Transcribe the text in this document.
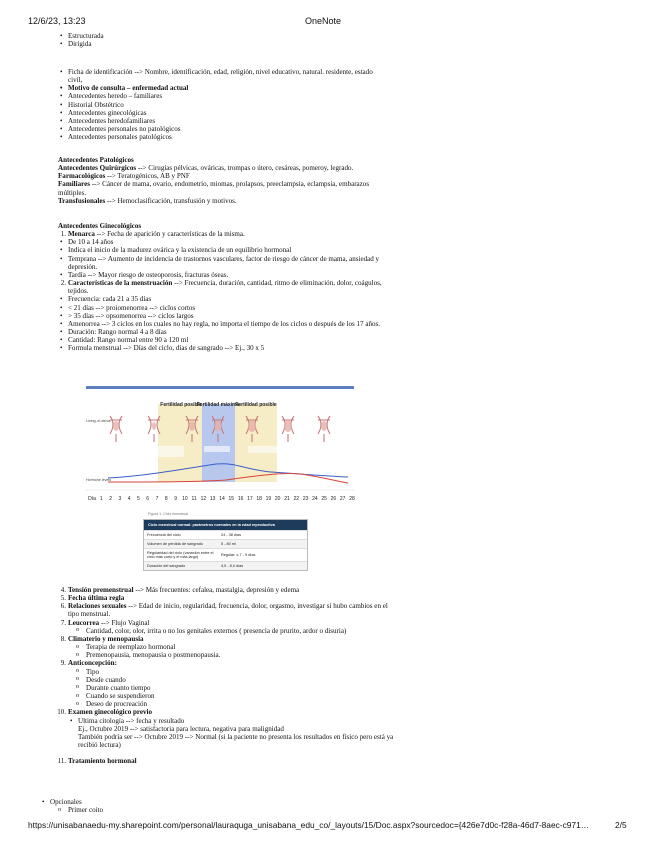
12/6/23, 13:23	OneNote
• Estructurada
• Dirigida
• Ficha de identificación --> Nombre, identificación, edad, religión, nivel educativo, natural. residente, estado civil,
• Motivo de consulta – enfermedad actual
• Antecedentes heredo – familiares
• Historial Obstétrico
• Antecedentes ginecológicas
• Antecedentes heredofamiliares
• Antecedentes personales no patológicos
• Antecedentes personales patológicos
Antecedentes Patológicos
Antecedentes Quirúrgicos --> Cirugías pélvicas, ováricas, trompas o útero, cesáreas, pomeroy, legrado.
Farmacológicos --> Teratogénicos, AB y PNF
Familiares --> Cáncer de mama, ovario, endometrio, miomas, prolapsos, preeclampsia, eclampsia, embarazos múltiples.
Transfusionales --> Hemoclasificación, transfusión y motivos.
Antecedentes Ginecológicos
1. Menarca --> Fecha de aparición y características de la misma.
• De 10 a 14 años
• Indica el inicio de la madurez ovárica y la existencia de un equilibrio hormonal
• Temprana --> Aumento de incidencia de trastornos vasculares, factor de riesgo de cáncer de mama, ansiedad y depresión.
• Tardía --> Mayor riesgo de osteoporosis, fracturas óseas.
2. Características de la menstruación --> Frecuencia, duración, cantidad, ritmo de eliminación, dolor, coágulos, tejidos.
• Frecuencia: cada 21 a 35 días
• < 21 días --> proiomenorrea --> ciclos cortos
• > 35 días --> opsomenorrea --> ciclos largos
• Amenorrea --> 3 ciclos en los cuales no hay regla, no importa el tiempo de los ciclos o después de los 17 años.
• Duración: Rango normal 4 a 8 días
• Cantidad: Rango normal entre 90 a 120 ml
• Formula menstrual --> Días del ciclo, días de sangrado --> Ej., 30 x 5
4. Tensión premenstrual --> Más frecuentes: cefalea, mastalgia, depresión y edema
5. Fecha última regla
6. Relaciones sexuales --> Edad de inicio, regularidad, frecuencia, dolor, orgasmo, investigar si hubo cambios en el tipo menstrual.
7. Leucorrea --> Flujo Vaginal
o Cantidad, color, olor, irrita o no los genitales externos ( presencia de prurito, ardor o disuria)
8. Climaterio y menopausia
o Terapia de reemplazo hormonal
o Premenopausia, menopausia o postmenopausia.
9. Anticoncepción:
o Tipo
o Desde cuando
o Durante cuanto tiempo
o Cuando se suspendieron
o Deseo de procreación
10. Examen ginecológico previo
• Ultima citología --> fecha y resultado
Ej., Octubre 2019 --> satisfactoria para lectura, negativa para malignidad
También podría ser --> Octubre 2019 --> Normal (si la paciente no presenta los resultados en físico pero está ya recibió lectura)
11. Tratamiento hormonal
• Opcionales
o Primer coito
Fertilidad posible
Fertilidad máxima
Fertilidad posible
Lining of uterus
Hormone levels
Día 1 2 3 4 5 6 7 8 9 10 11 12 13 14 15 16 17 18 19 20 21 22 23 24 25 26 27 28
Figura 1. Ciclo menstrual
Ciclo menstrual normal: parámetros normales en la edad reproductiva
Frecuencia del ciclo	24 - 38 días
Volumen de pérdida de sangrado	5 - 80 ml
Regularidad del ciclo (variación entre el ciclo más corto y el más largo)	Regular: ≤ 7 - 9 días
Duración del sangrado	4,5 - 8,0 días
https://unisabanaedu-my.sharepoint.com/personal/lauraquga_unisabana_edu_co/_layouts/15/Doc.aspx?sourcedoc={426e7d0c-f28a-46d7-8aec-c971…	2/5
